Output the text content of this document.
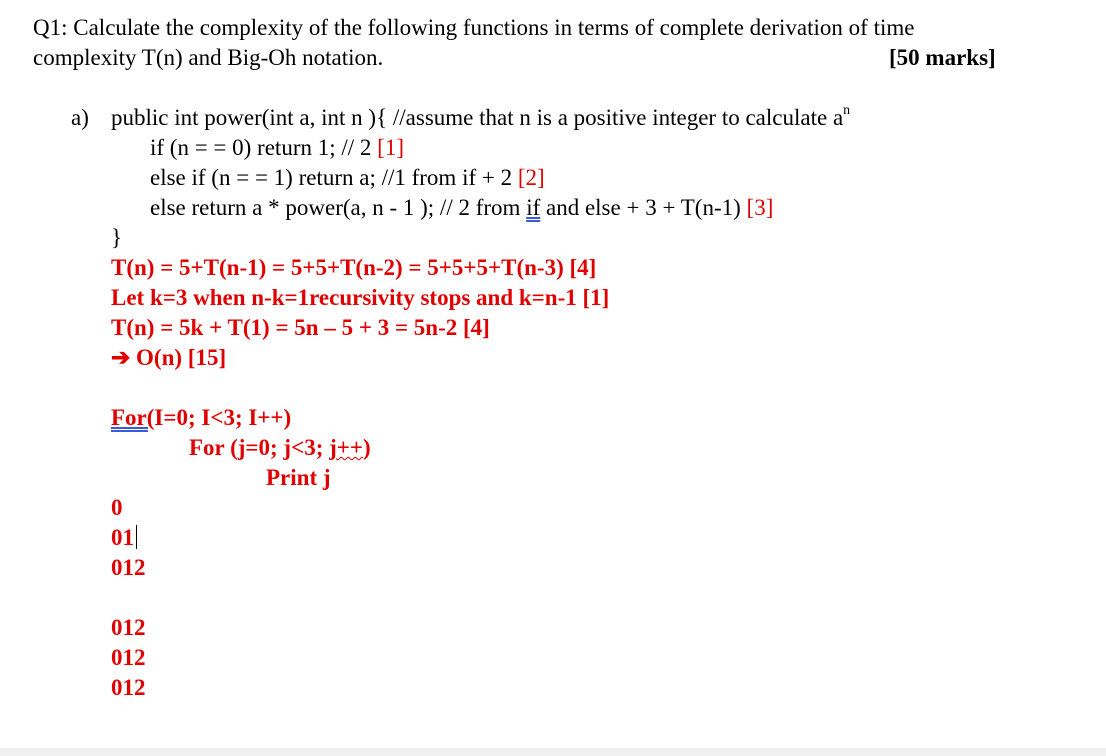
Q1: Calculate the complexity of the following functions in terms of complete derivation of time
complexity T(n) and Big-Oh notation.	[50 marks]
a) public int power(int a, int n ){ //assume that n is a positive integer to calculate $a^n$
if (n = = 0) return 1; // 2 [1]
else if (n = = 1) return a; //1 from if + 2 [2]
else return a * power(a, n - 1 ); // 2 from if and else + 3 + T(n-1) [3]
}
T(n) = 5+T(n-1) = 5+5+T(n-2) = 5+5+5+T(n-3) [4]
Let k=3 when n-k=1recursivity stops and k=n-1 [1]
T(n) = 5k + T(1) = 5n – 5 + 3 = 5n-2 [4]
➔ O(n) [15]
For(I=0; I<3; I++)
For (j=0; j<3; j++)
Print j
0
01
012
012
012
012
